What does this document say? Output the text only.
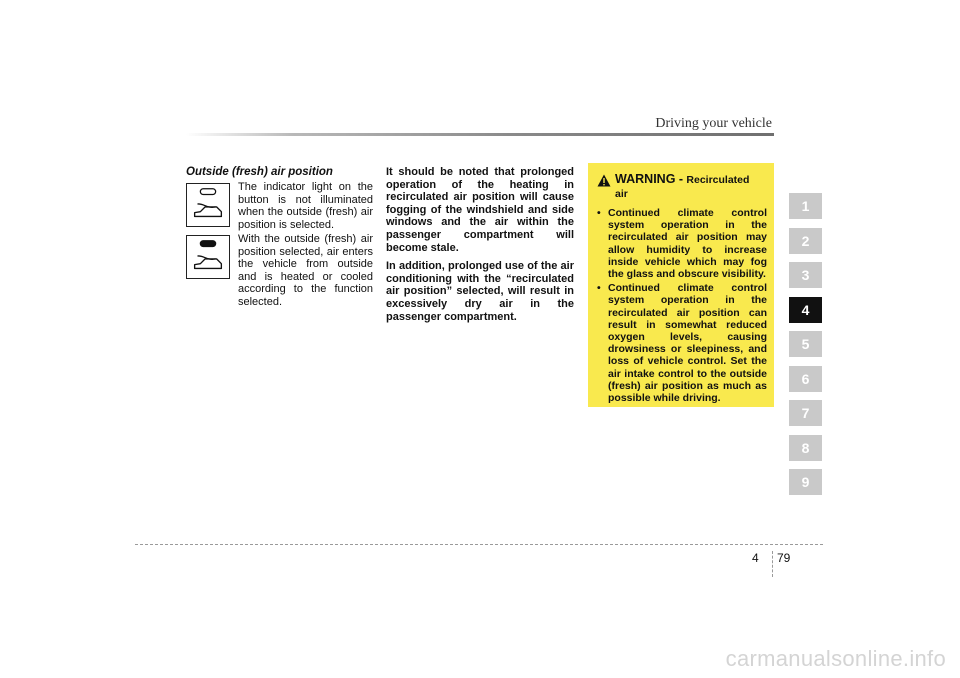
Driving your vehicle
Outside (fresh) air position
The indicator light on the button is not illuminated when the outside (fresh) air position is selected.
With the outside (fresh) air position selected, air enters the vehicle from outside and is heated or cooled according to the function selected.

It should be noted that prolonged operation of the heating in recirculated air position will cause fogging of the windshield and side windows and the air within the passenger compartment will become stale.

In addition, prolonged use of the air conditioning with the “recirculated air position” selected, will result in excessively dry air in the passenger compartment.

WARNING - Recirculated air
• Continued climate control system operation in the recirculated air position may allow humidity to increase inside vehicle which may fog the glass and obscure visibility.
• Continued climate control system operation in the recirculated air position can result in somewhat reduced oxygen levels, causing drowsiness or sleepiness, and loss of vehicle control. Set the air intake control to the outside (fresh) air position as much as possible while driving.
1
2
3
4
5
6
7
8
9
4 79
carmanualsonline.info
